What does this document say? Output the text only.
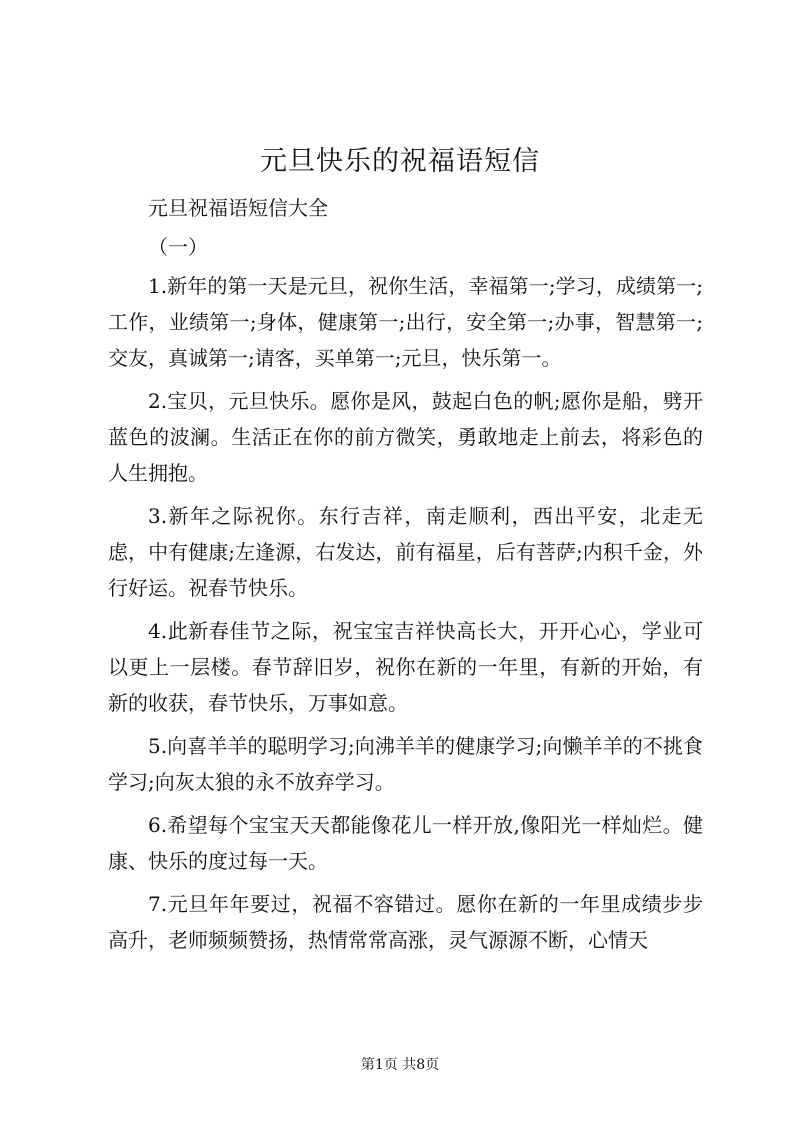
元旦快乐的祝福语短信

元旦祝福语短信大全

（一）

1.新年的第一天是元旦，祝你生活，幸福第一;学习，成绩第一;工作，业绩第一;身体，健康第一;出行，安全第一;办事，智慧第一;交友，真诚第一;请客，买单第一;元旦，快乐第一。

2.宝贝，元旦快乐。愿你是风，鼓起白色的帆;愿你是船，劈开蓝色的波澜。生活正在你的前方微笑，勇敢地走上前去，将彩色的人生拥抱。

3.新年之际祝你。东行吉祥，南走顺利，西出平安，北走无虑，中有健康;左逢源，右发达，前有福星，后有菩萨;内积千金，外行好运。祝春节快乐。

4.此新春佳节之际，祝宝宝吉祥快高长大，开开心心，学业可以更上一层楼。春节辞旧岁，祝你在新的一年里，有新的开始，有新的收获，春节快乐，万事如意。

5.向喜羊羊的聪明学习;向沸羊羊的健康学习;向懒羊羊的不挑食学习;向灰太狼的永不放弃学习。

6.希望每个宝宝天天都能像花儿一样开放,像阳光一样灿烂。健康、快乐的度过每一天。

7.元旦年年要过，祝福不容错过。愿你在新的一年里成绩步步高升，老师频频赞扬，热情常常高涨，灵气源源不断，心情天

第1页 共8页
